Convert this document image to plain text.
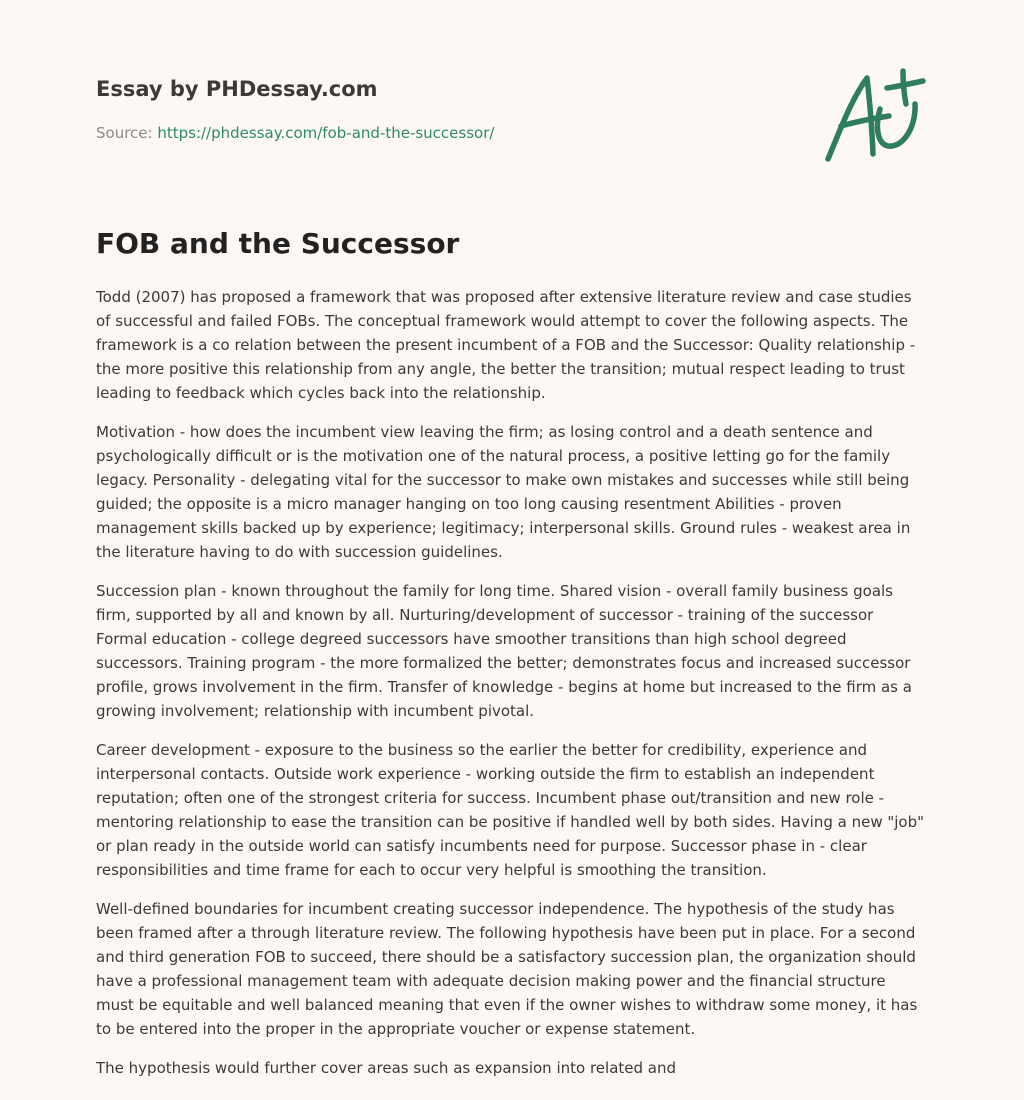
Essay by PHDessay.com
Source: https://phdessay.com/fob-and-the-successor/
FOB and the Successor

Todd (2007) has proposed a framework that was proposed after extensive literature review and case studies of successful and failed FOBs. The conceptual framework would attempt to cover the following aspects. The framework is a co relation between the present incumbent of a FOB and the Successor: Quality relationship - the more positive this relationship from any angle, the better the transition; mutual respect leading to trust leading to feedback which cycles back into the relationship.

Motivation - how does the incumbent view leaving the firm; as losing control and a death sentence and psychologically difficult or is the motivation one of the natural process, a positive letting go for the family legacy. Personality - delegating vital for the successor to make own mistakes and successes while still being guided; the opposite is a micro manager hanging on too long causing resentment Abilities - proven management skills backed up by experience; legitimacy; interpersonal skills. Ground rules - weakest area in the literature having to do with succession guidelines.

Succession plan - known throughout the family for long time. Shared vision - overall family business goals firm, supported by all and known by all. Nurturing/development of successor - training of the successor Formal education - college degreed successors have smoother transitions than high school degreed successors. Training program - the more formalized the better; demonstrates focus and increased successor profile, grows involvement in the firm. Transfer of knowledge - begins at home but increased to the firm as a growing involvement; relationship with incumbent pivotal.

Career development - exposure to the business so the earlier the better for credibility, experience and interpersonal contacts. Outside work experience - working outside the firm to establish an independent reputation; often one of the strongest criteria for success. Incumbent phase out/transition and new role - mentoring relationship to ease the transition can be positive if handled well by both sides. Having a new "job" or plan ready in the outside world can satisfy incumbents need for purpose. Successor phase in - clear responsibilities and time frame for each to occur very helpful is smoothing the transition.

Well-defined boundaries for incumbent creating successor independence. The hypothesis of the study has been framed after a through literature review. The following hypothesis have been put in place. For a second and third generation FOB to succeed, there should be a satisfactory succession plan, the organization should have a professional management team with adequate decision making power and the financial structure must be equitable and well balanced meaning that even if the owner wishes to withdraw some money, it has to be entered into the proper in the appropriate voucher or expense statement.

The hypothesis would further cover areas such as expansion into related and
